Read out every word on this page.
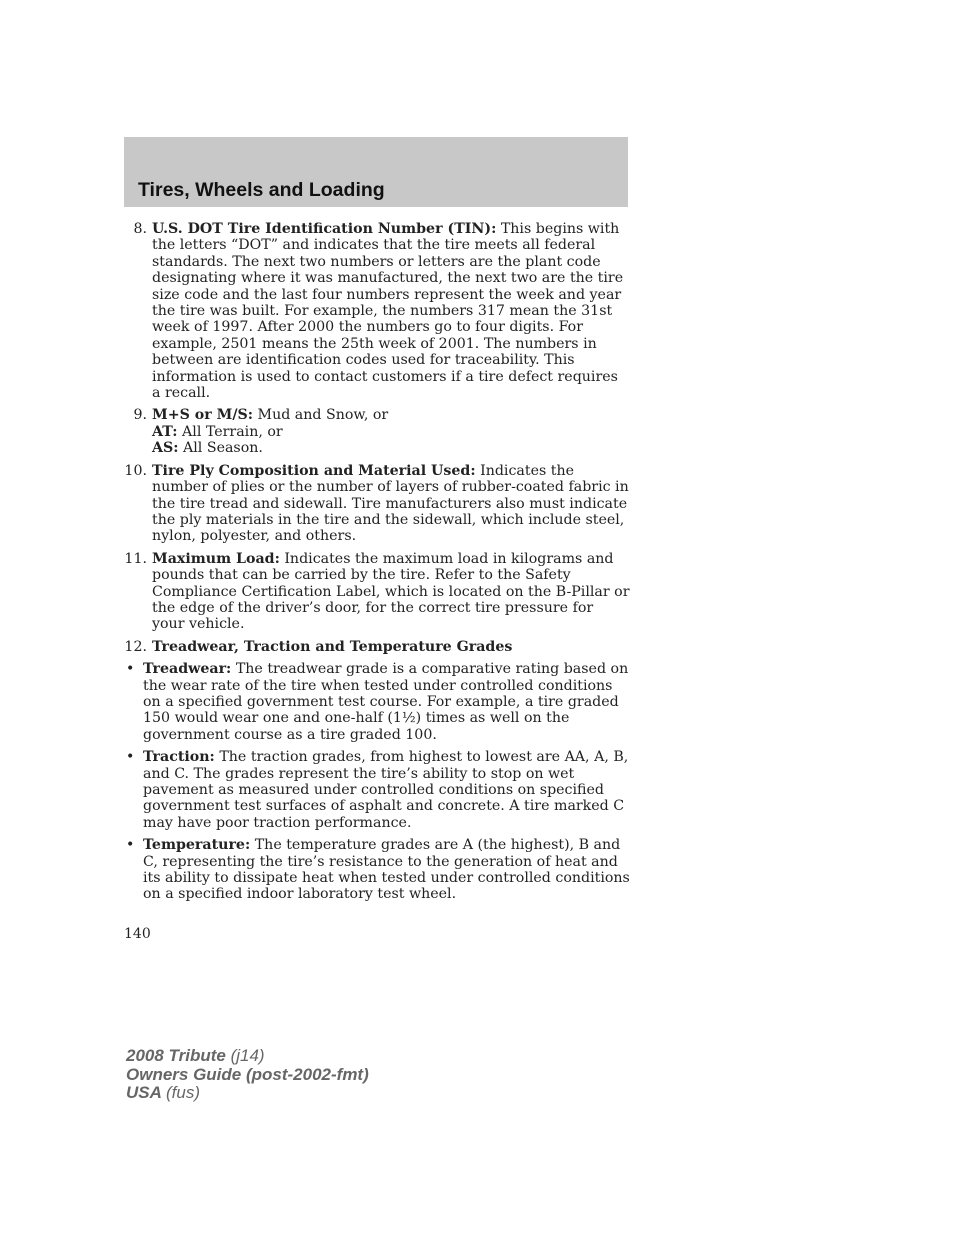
Tires, Wheels and Loading
8. U.S. DOT Tire Identification Number (TIN): This begins with the letters “DOT” and indicates that the tire meets all federal standards. The next two numbers or letters are the plant code designating where it was manufactured, the next two are the tire size code and the last four numbers represent the week and year the tire was built. For example, the numbers 317 mean the 31st week of 1997. After 2000 the numbers go to four digits. For example, 2501 means the 25th week of 2001. The numbers in between are identification codes used for traceability. This information is used to contact customers if a tire defect requires a recall.
9. M+S or M/S: Mud and Snow, or
AT: All Terrain, or
AS: All Season.
10. Tire Ply Composition and Material Used: Indicates the number of plies or the number of layers of rubber-coated fabric in the tire tread and sidewall. Tire manufacturers also must indicate the ply materials in the tire and the sidewall, which include steel, nylon, polyester, and others.
11. Maximum Load: Indicates the maximum load in kilograms and pounds that can be carried by the tire. Refer to the Safety Compliance Certification Label, which is located on the B-Pillar or the edge of the driver’s door, for the correct tire pressure for your vehicle.
12. Treadwear, Traction and Temperature Grades
• Treadwear: The treadwear grade is a comparative rating based on the wear rate of the tire when tested under controlled conditions on a specified government test course. For example, a tire graded 150 would wear one and one-half (1½) times as well on the government course as a tire graded 100.
• Traction: The traction grades, from highest to lowest are AA, A, B, and C. The grades represent the tire’s ability to stop on wet pavement as measured under controlled conditions on specified government test surfaces of asphalt and concrete. A tire marked C may have poor traction performance.
• Temperature: The temperature grades are A (the highest), B and C, representing the tire’s resistance to the generation of heat and its ability to dissipate heat when tested under controlled conditions on a specified indoor laboratory test wheel.
140
2008 Tribute (j14)
Owners Guide (post-2002-fmt)
USA (fus)
